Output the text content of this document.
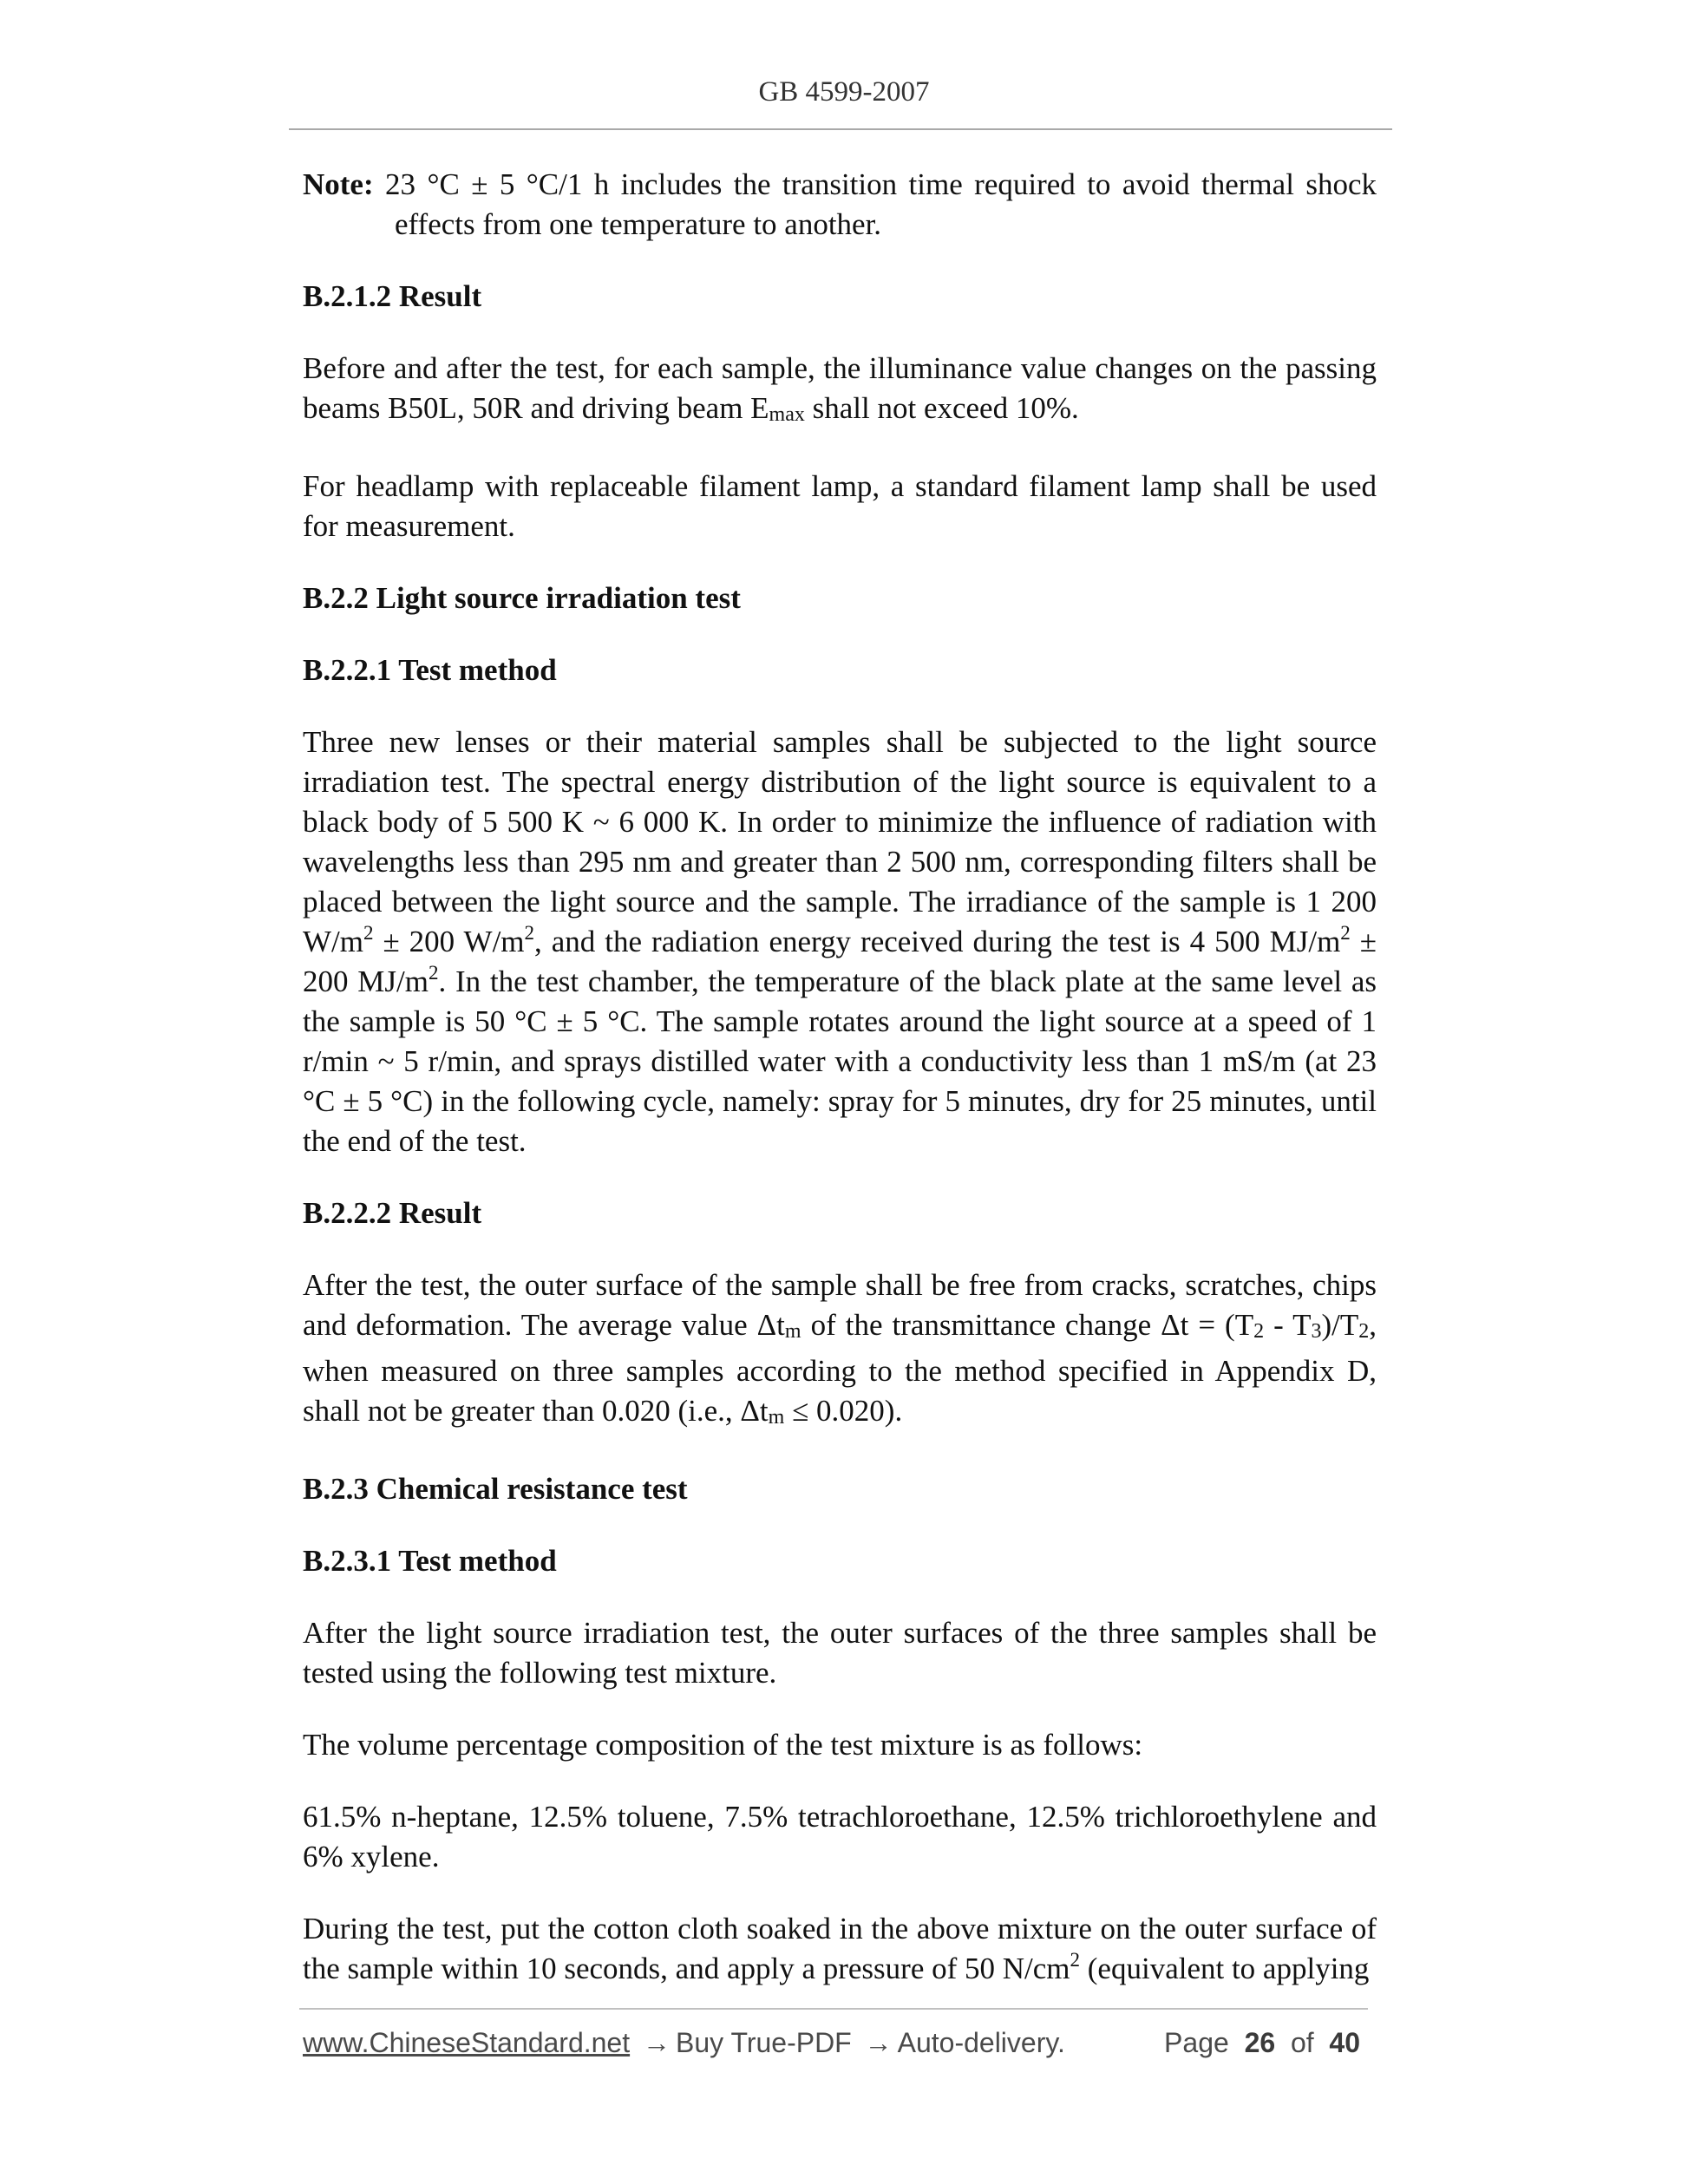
GB 4599-2007

Note: 23 °C ± 5 °C/1 h includes the transition time required to avoid thermal shock effects from one temperature to another.

B.2.1.2 Result

Before and after the test, for each sample, the illuminance value changes on the passing beams B50L, 50R and driving beam Emax shall not exceed 10%.

For headlamp with replaceable filament lamp, a standard filament lamp shall be used for measurement.

B.2.2 Light source irradiation test
B.2.2.1 Test method

Three new lenses or their material samples shall be subjected to the light source irradiation test. The spectral energy distribution of the light source is equivalent to a black body of 5 500 K ~ 6 000 K. In order to minimize the influence of radiation with wavelengths less than 295 nm and greater than 2 500 nm, corresponding filters shall be placed between the light source and the sample. The irradiance of the sample is 1 200 $W/m^2 \pm 200$ $W/m^2$, and the radiation energy received during the test is 4 500 $MJ/m^2 \pm 200$ $MJ/m^2$. In the test chamber, the temperature of the black plate at the same level as the sample is 50 °C ± 5 °C. The sample rotates around the light source at a speed of 1 r/min ~ 5 r/min, and sprays distilled water with a conductivity less than 1 mS/m (at 23 °C ± 5 °C) in the following cycle, namely: spray for 5 minutes, dry for 25 minutes, until the end of the test.

B.2.2.2 Result

After the test, the outer surface of the sample shall be free from cracks, scratches, chips and deformation. The average value Δtm of the transmittance change Δt = (T2 - T3)/T2, when measured on three samples according to the method specified in Appendix D, shall not be greater than 0.020 (i.e., Δtm ≤ 0.020).

B.2.3 Chemical resistance test
B.2.3.1 Test method

After the light source irradiation test, the outer surfaces of the three samples shall be tested using the following test mixture.

The volume percentage composition of the test mixture is as follows:

61.5% n-heptane, 12.5% toluene, 7.5% tetrachloroethane, 12.5% trichloroethylene and 6% xylene.

During the test, put the cotton cloth soaked in the above mixture on the outer surface of the sample within 10 seconds, and apply a pressure of 50 $N/cm^2$ (equivalent to applying

www.ChineseStandard.net → Buy True-PDF → Auto-delivery.	Page 26 of 40
